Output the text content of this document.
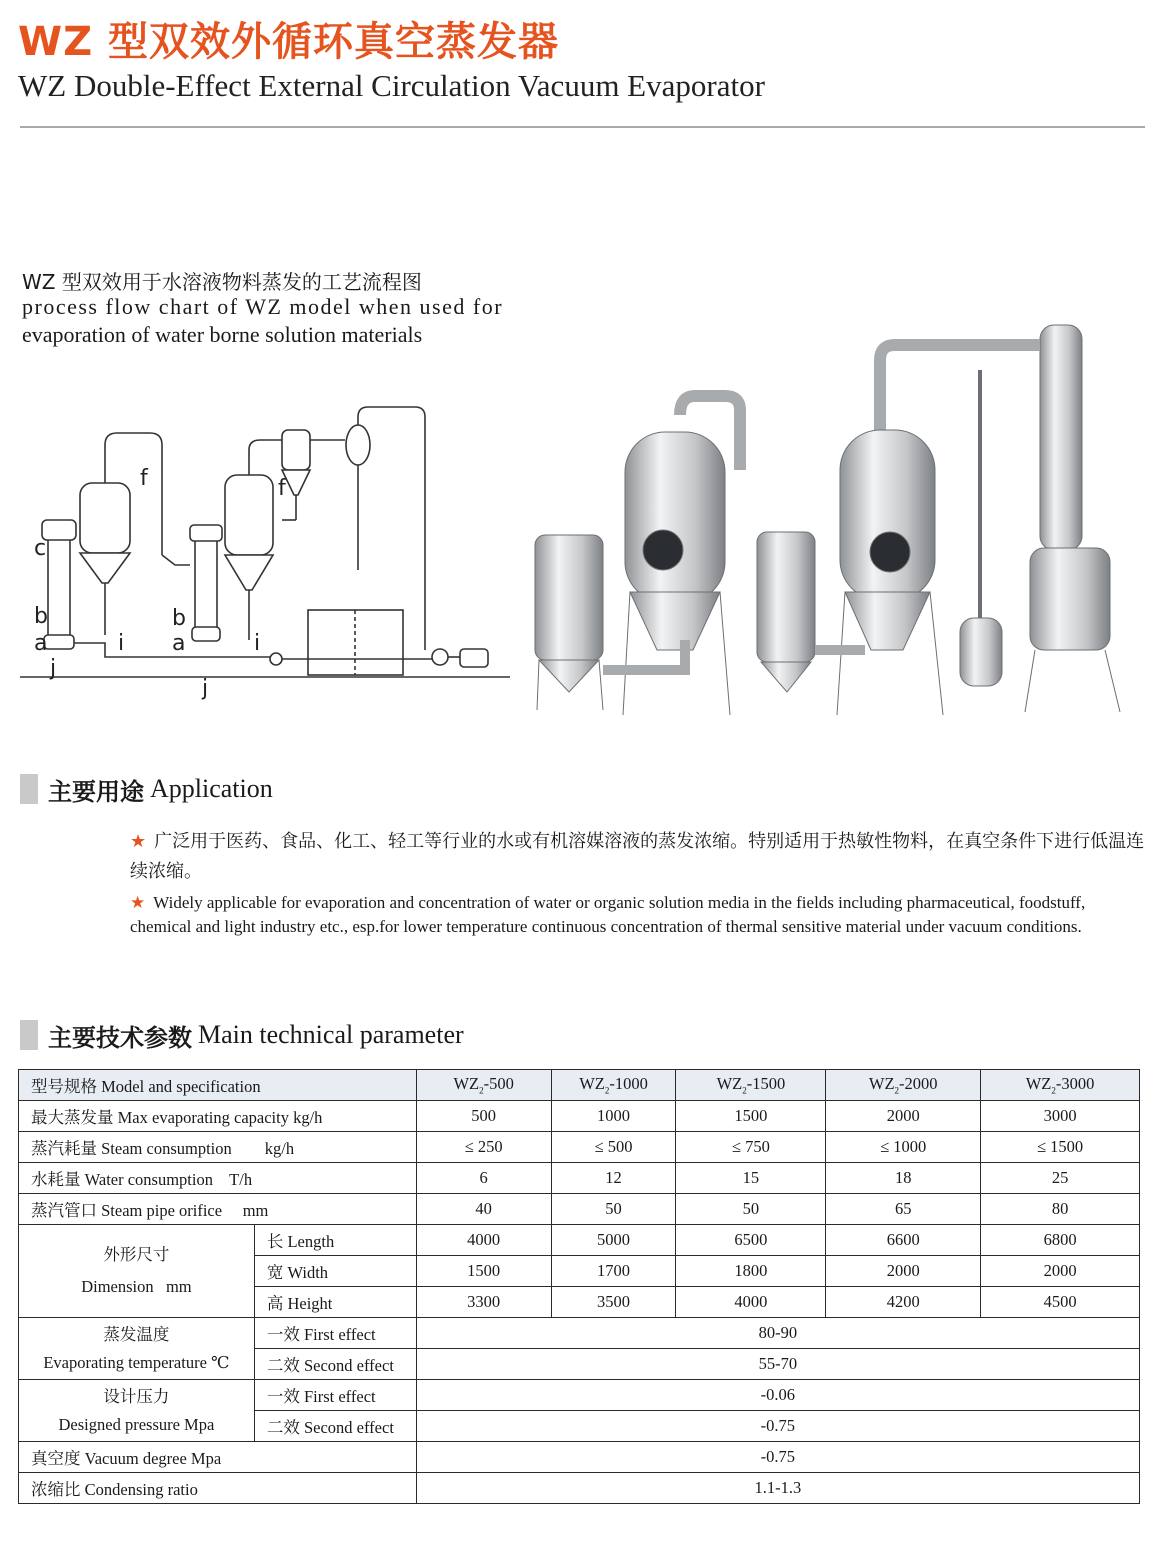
WZ 型双效外循环真空蒸发器
WZ Double-Effect External Circulation Vacuum Evaporator
WZ 型双效用于水溶液物料蒸发的工艺流程图
process flow chart of WZ model when used for
evaporation of water borne solution materials
c
b
a
j
i
f
b
a	i
j
f
主要用途 Application
★ 广泛用于医药、食品、化工、轻工等行业的水或有机溶媒溶液的蒸发浓缩。特别适用于热敏性物料，在真空条件下进行低温连续浓缩。
★ Widely applicable for evaporation and concentration of water or organic solution media in the fields including pharmaceutical, foodstuff, chemical and light industry etc., esp.for lower temperature continuous concentration of thermal sensitive material under vacuum conditions.
主要技术参数 Main technical parameter
型号规格 Model and specification		$WZ_2-500$	$WZ_2-1000$	$WZ_2-1500$	$WZ_2-2000$	$WZ_2-3000$
最大蒸发量 Max evaporating capacity kg/h		500	1000	1500	2000	3000
蒸汽耗量 Steam consumption        kg/h		≤ 250	≤ 500	≤ 750	≤ 1000	≤ 1500
水耗量 Water consumption    T/h		6	12	15	18	25
蒸汽管口 Steam pipe orifice     mm		40	50	50	65	80

外形尺寸
Dimension   mm	长 Length	4000	5000	6500	6600	6800
	宽 Width	1500	1700	1800	2000	2000
	高 Height	3300	3500	4000	4200	4500

蒸发温度
Evaporating temperature ℃	一效 First effect	80-90				
	二效 Second effect	55-70				

设计压力
Designed pressure Mpa	一效 First effect	-0.06				
	二效 Second effect	-0.75				
真空度 Vacuum degree Mpa		-0.75				
浓缩比 Condensing ratio		1.1-1.3				
